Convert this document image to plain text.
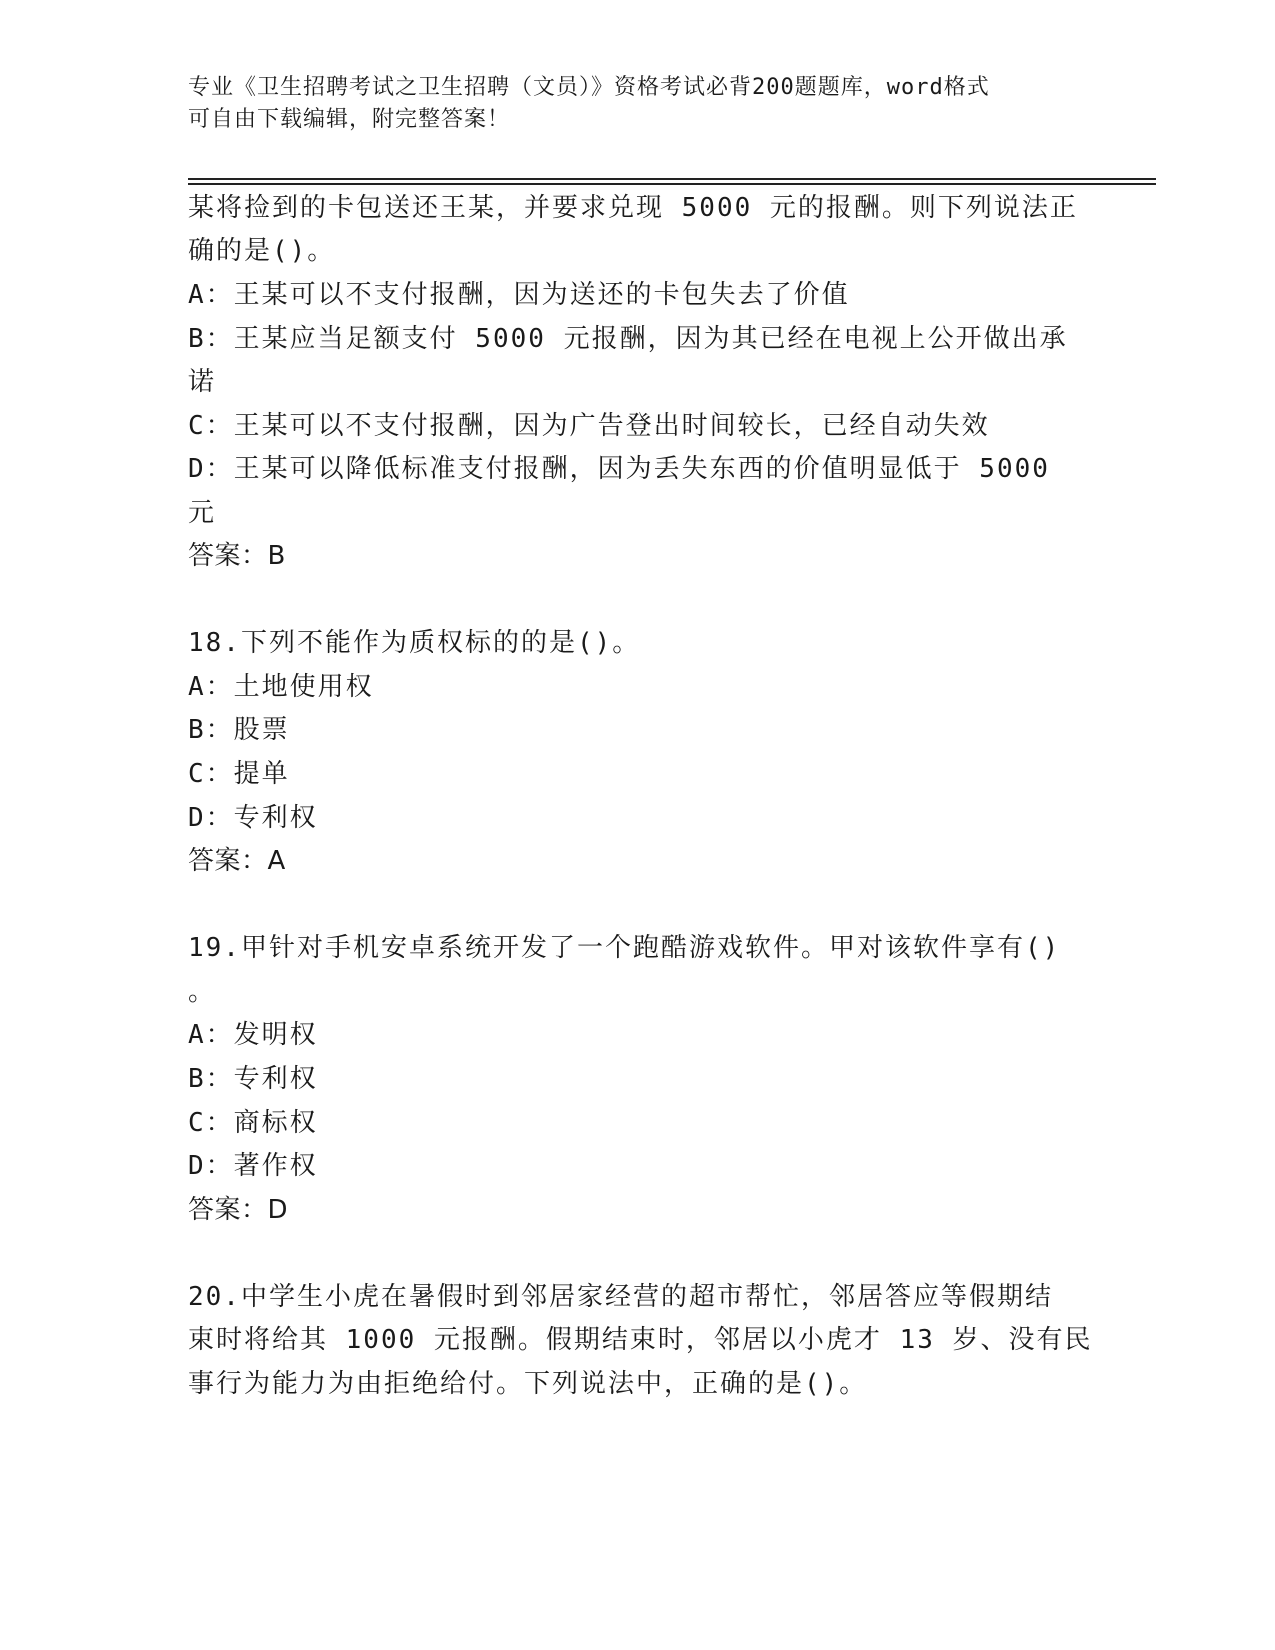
专业《卫生招聘考试之卫生招聘（文员）》资格考试必背200题题库，word格式
可自由下载编辑，附完整答案！
某将捡到的卡包送还王某，并要求兑现 5000 元的报酬。则下列说法正
确的是()。
A：王某可以不支付报酬，因为送还的卡包失去了价值
B：王某应当足额支付 5000 元报酬，因为其已经在电视上公开做出承
诺
C：王某可以不支付报酬，因为广告登出时间较长，已经自动失效
D：王某可以降低标准支付报酬，因为丢失东西的价值明显低于 5000
元
答案：B
18.下列不能作为质权标的的是()。
A：土地使用权
B：股票
C：提单
D：专利权
答案：A
19.甲针对手机安卓系统开发了一个跑酷游戏软件。甲对该软件享有()
。
A：发明权
B：专利权
C：商标权
D：著作权
答案：D
20.中学生小虎在暑假时到邻居家经营的超市帮忙，邻居答应等假期结
束时将给其 1000 元报酬。假期结束时，邻居以小虎才 13 岁、没有民
事行为能力为由拒绝给付。下列说法中，正确的是()。
